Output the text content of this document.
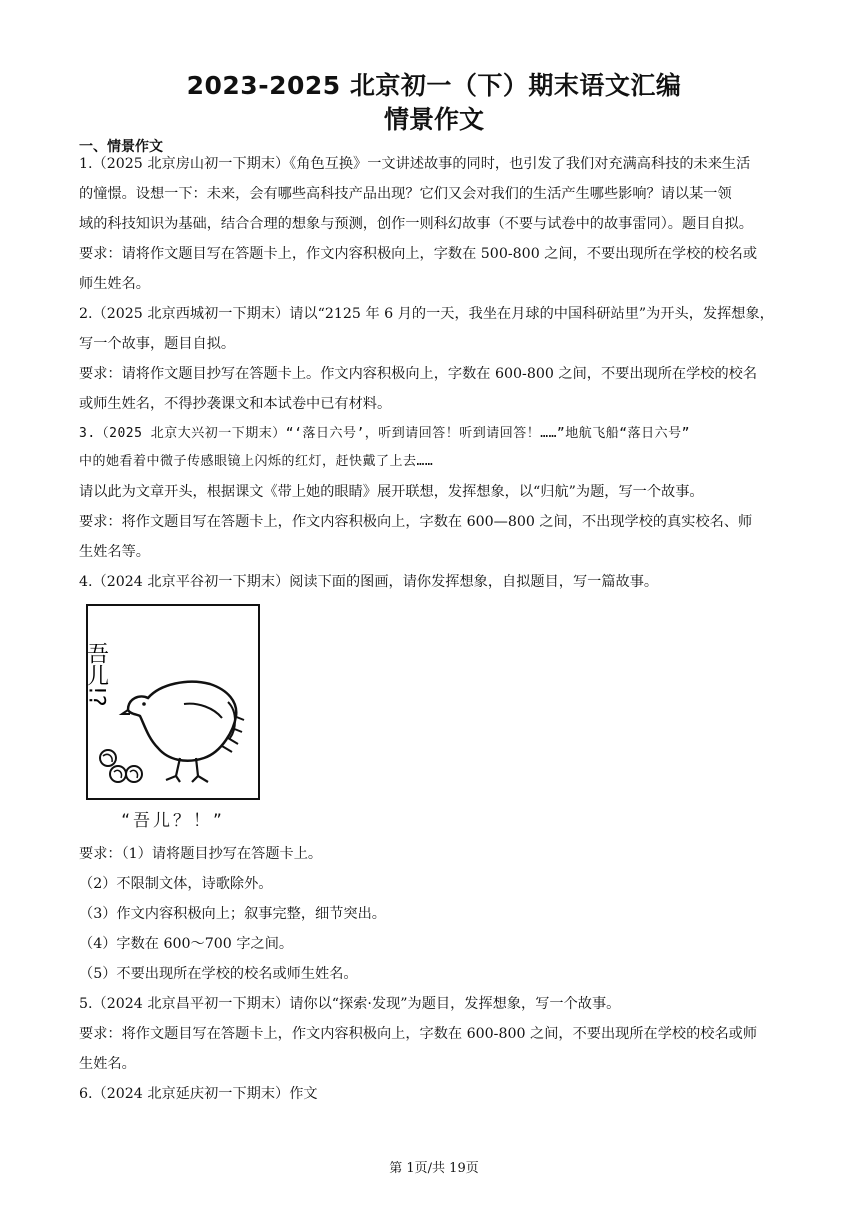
2023-2025 北京初一（下）期末语文汇编
情景作文
一、情景作文
1.（2025 北京房山初一下期末）《角色互换》一文讲述故事的同时，也引发了我们对充满高科技的未来生活
的憧憬。设想一下：未来，会有哪些高科技产品出现？它们又会对我们的生活产生哪些影响？请以某一领
域的科技知识为基础，结合合理的想象与预测，创作一则科幻故事（不要与试卷中的故事雷同）。题目自拟。
要求：请将作文题目写在答题卡上，作文内容积极向上，字数在 500-800 之间，不要出现所在学校的校名或
师生姓名。
2.（2025 北京西城初一下期末）请以“2125 年 6 月的一天，我坐在月球的中国科研站里”为开头，发挥想象，
写一个故事，题目自拟。
要求：请将作文题目抄写在答题卡上。作文内容积极向上，字数在 600-800 之间，不要出现所在学校的校名
或师生姓名，不得抄袭课文和本试卷中已有材料。
3.（2025 北京大兴初一下期末）“‘落日六号’，听到请回答！听到请回答！……”地航飞船“落日六号”
中的她看着中微子传感眼镜上闪烁的红灯，赶快戴了上去……
请以此为文章开头，根据课文《带上她的眼睛》展开联想，发挥想象，以“归航”为题，写一个故事。
要求：将作文题目写在答题卡上，作文内容积极向上，字数在 600—800 之间，不出现学校的真实校名、师
生姓名等。
4.（2024 北京平谷初一下期末）阅读下面的图画，请你发挥想象，自拟题目，写一篇故事。
吾儿!?
“吾儿？！”
要求：（1）请将题目抄写在答题卡上。
（2）不限制文体，诗歌除外。
（3）作文内容积极向上；叙事完整，细节突出。
（4）字数在 600～700 字之间。
（5）不要出现所在学校的校名或师生姓名。
5.（2024 北京昌平初一下期末）请你以“探索·发现”为题目，发挥想象，写一个故事。
要求：将作文题目写在答题卡上，作文内容积极向上，字数在 600-800 之间，不要出现所在学校的校名或师
生姓名。
6.（2024 北京延庆初一下期末）作文
第 1页/共 19页
